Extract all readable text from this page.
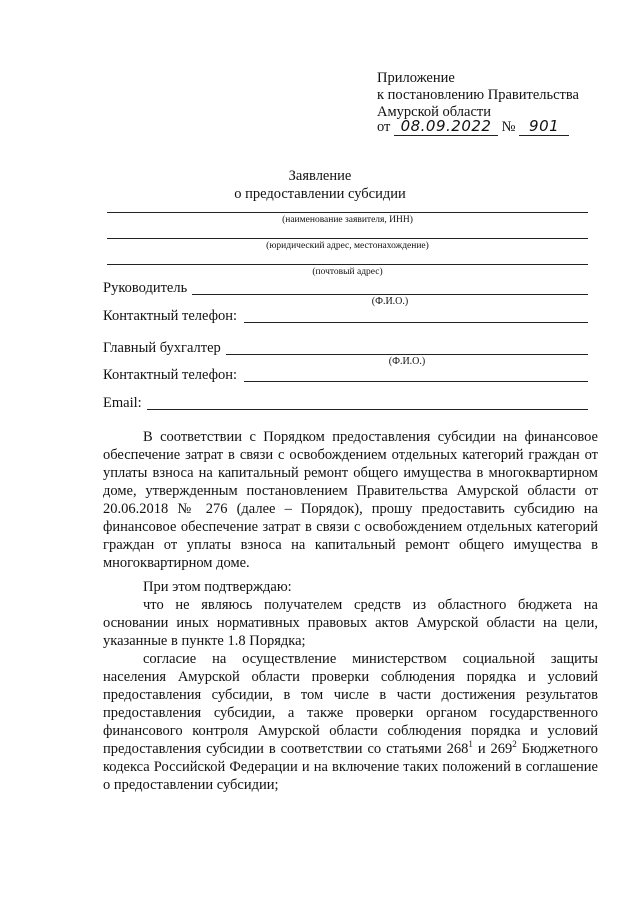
Приложение
к постановлению Правительства
Амурской области
от 08.09.2022 № 901
Заявление
о предоставлении субсидии
(наименование заявителя, ИНН)
(юридический адрес, местонахождение)
(почтовый адрес)
Руководитель
(Ф.И.О.)
Контактный телефон:
Главный бухгалтер
(Ф.И.О.)
Контактный телефон:
Email:
В соответствии с Порядком предоставления субсидии на финансовое обеспечение затрат в связи с освобождением отдельных категорий граждан от уплаты взноса на капитальный ремонт общего имущества в многоквартирном доме, утвержденным постановлением Правительства Амурской области от 20.06.2018 № 276 (далее – Порядок), прошу предоставить субсидию на финансовое обеспечение затрат в связи с освобождением отдельных категорий граждан от уплаты взноса на капитальный ремонт общего имущества в многоквартирном доме.
При этом подтверждаю:
что не являюсь получателем средств из областного бюджета на основании иных нормативных правовых актов Амурской области на цели, указанные в пункте 1.8 Порядка;
согласие на осуществление министерством социальной защиты населения Амурской области проверки соблюдения порядка и условий предоставления субсидии, в том числе в части достижения результатов предоставления субсидии, а также проверки органом государственного финансового контроля Амурской области соблюдения порядка и условий предоставления субсидии в соответствии со статьями $268^1$ и $269^2$ Бюджетного кодекса Российской Федерации и на включение таких положений в соглашение о предоставлении субсидии;
